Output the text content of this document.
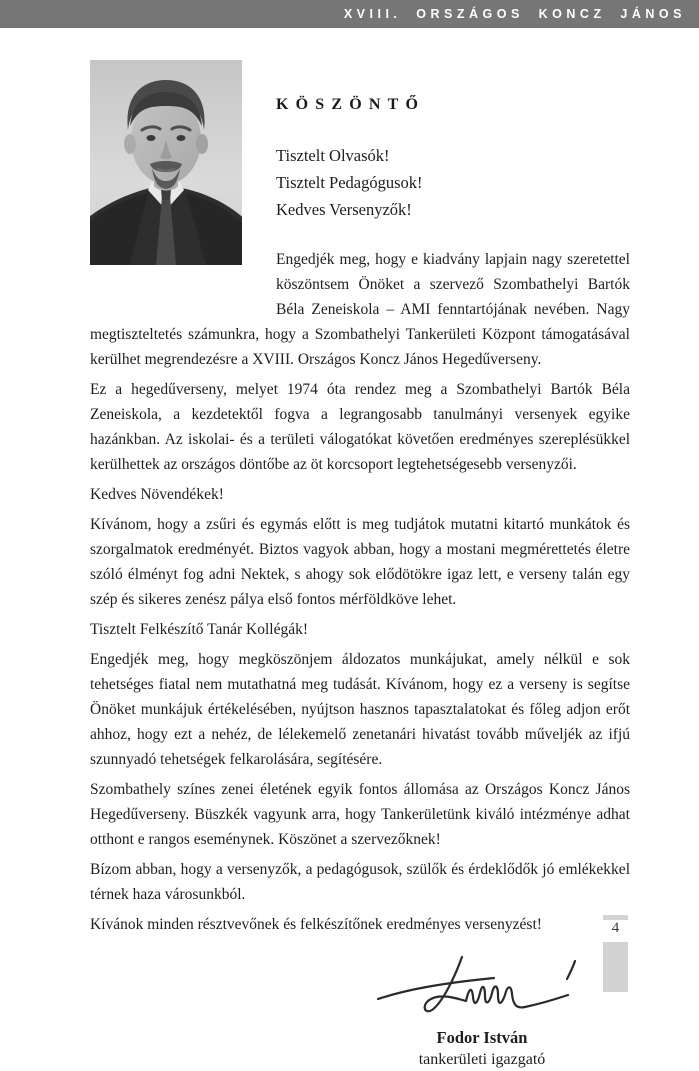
XVIII. ORSZÁGOS KONCZ JÁNOS
KÖSZÖNTŐ
Tisztelt Olvasók!
Tisztelt Pedagógusok!
Kedves Versenyzők!

Engedjék meg, hogy e kiadvány lapjain nagy szeretettel köszöntsem Önöket a szervező Szombathelyi Bartók Béla Zeneiskola – AMI fenntartójának nevében. Nagy megtiszteltetés számunkra, hogy a Szombathelyi Tankerületi Központ támogatásával kerülhet megrendezésre a XVIII. Országos Koncz János Hegedűverseny.

Ez a hegedűverseny, melyet 1974 óta rendez meg a Szombathelyi Bartók Béla Zeneiskola, a kezdetektől fogva a legrangosabb tanulmányi versenyek egyike hazánkban. Az iskolai- és a területi válogatókat követően eredményes szereplésükkel kerülhettek az országos döntőbe az öt korcsoport legtehetségesebb versenyzői.

Kedves Növendékek!

Kívánom, hogy a zsűri és egymás előtt is meg tudjátok mutatni kitartó munkátok és szorgalmatok eredményét. Biztos vagyok abban, hogy a mostani megmérettetés életre szóló élményt fog adni Nektek, s ahogy sok elődötökre igaz lett, e verseny talán egy szép és sikeres zenész pálya első fontos mérföldköve lehet.

Tisztelt Felkészítő Tanár Kollégák!

Engedjék meg, hogy megköszönjem áldozatos munkájukat, amely nélkül e sok tehetséges fiatal nem mutathatná meg tudását. Kívánom, hogy ez a verseny is segítse Önöket munkájuk értékelésében, nyújtson hasznos tapasztalatokat és főleg adjon erőt ahhoz, hogy ezt a nehéz, de lélekemelő zenetanári hivatást tovább műveljék az ifjú szunnyadó tehetségek felkarolására, segítésére.

Szombathely színes zenei életének egyik fontos állomása az Országos Koncz János Hegedűverseny. Büszkék vagyunk arra, hogy Tankerületünk kiváló intézménye adhat otthont e rangos eseménynek. Köszönet a szervezőknek!

Bízom abban, hogy a versenyzők, a pedagógusok, szülők és érdeklődők jó emlékekkel térnek haza városunkból.

Kívánok minden résztvevőnek és felkészítőnek eredményes versenyzést!

Fodor István
tankerületi igazgató
4
